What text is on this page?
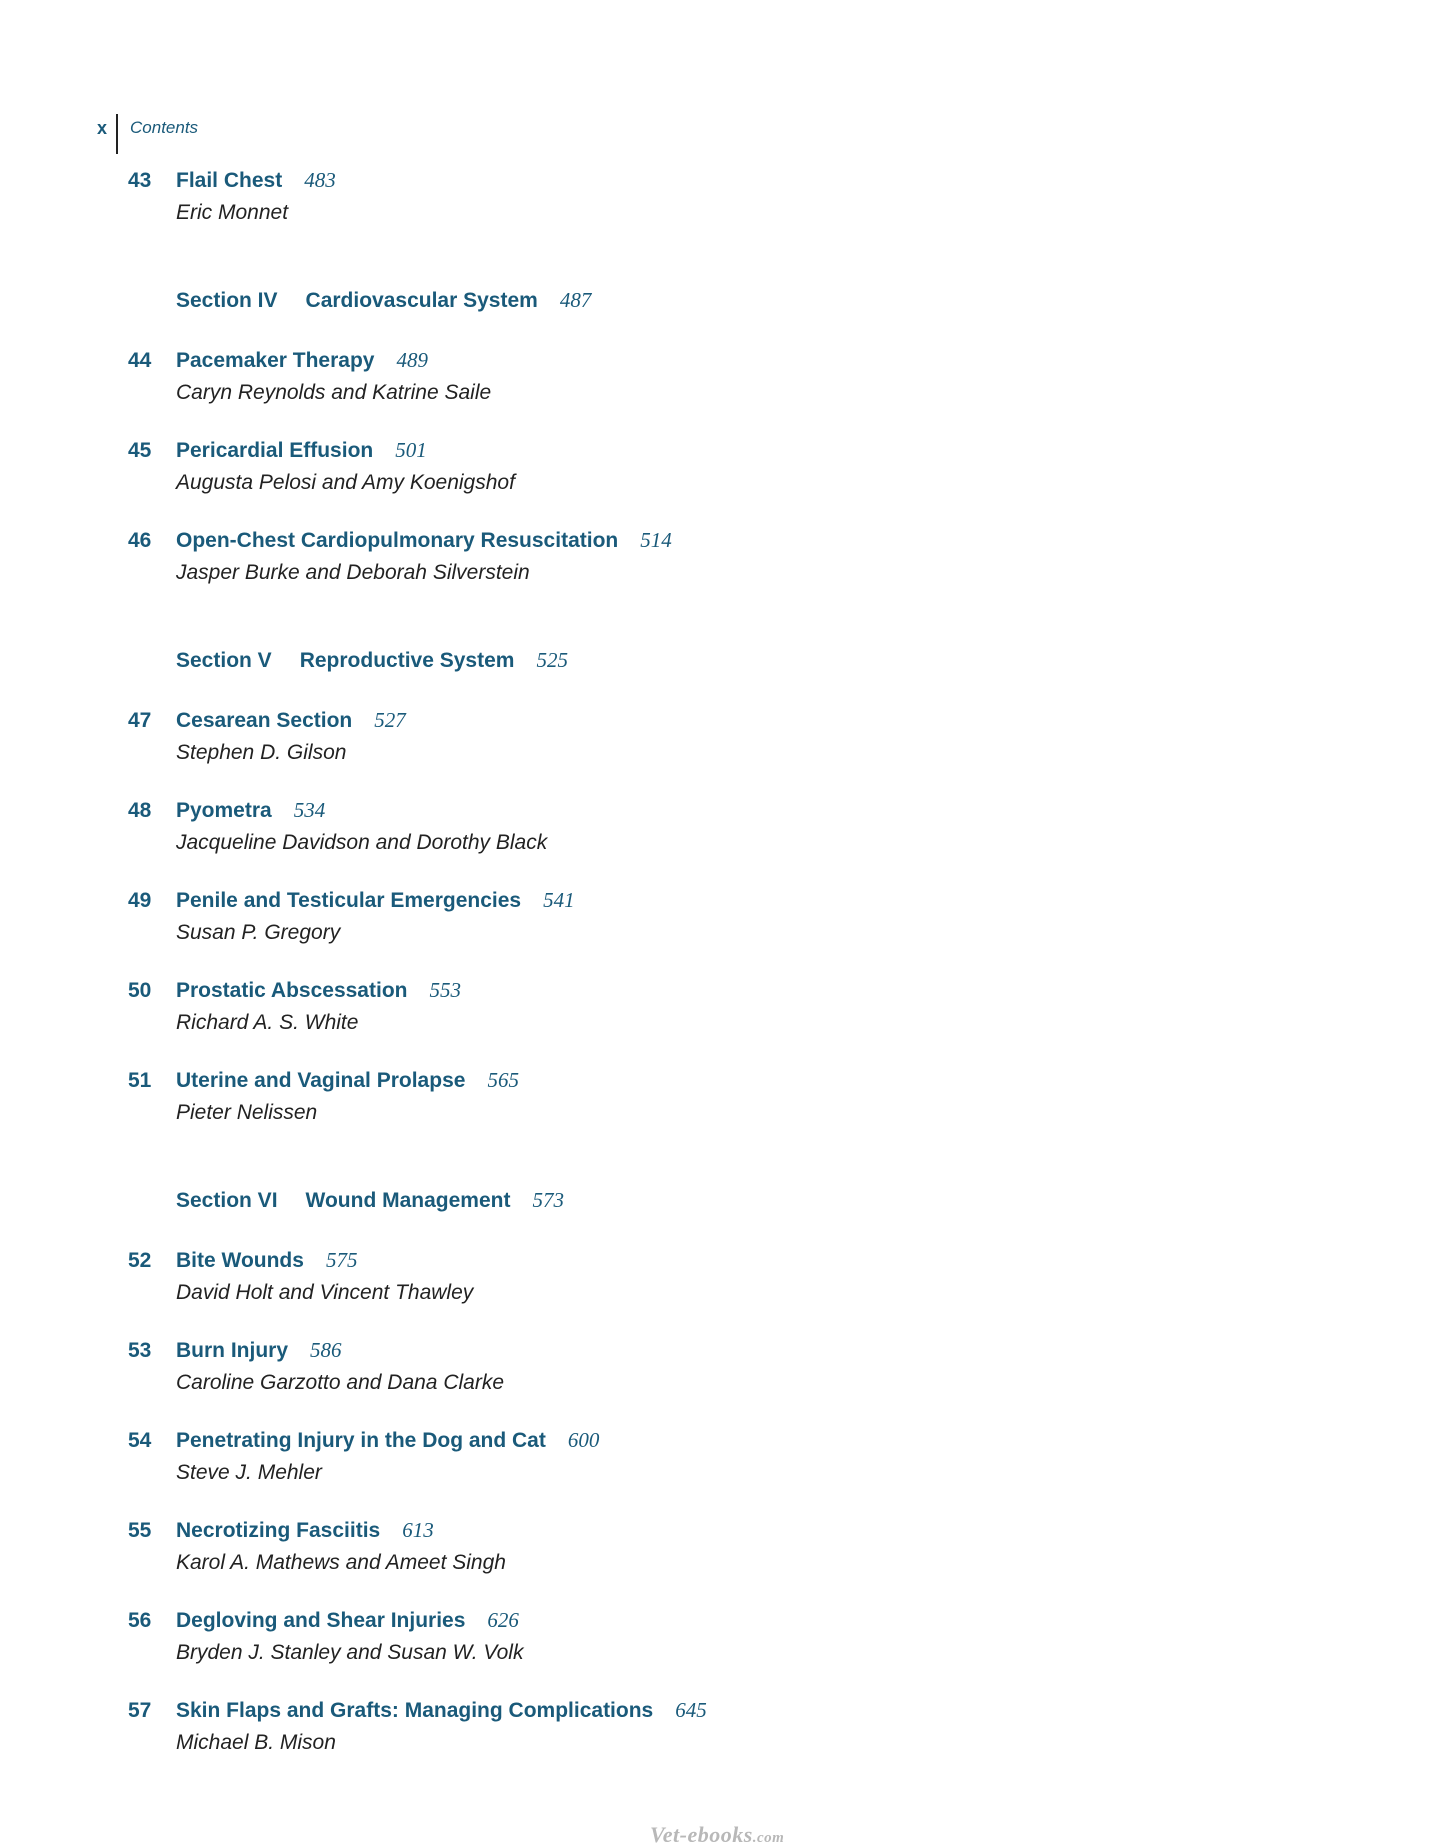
x Contents
43	Flail Chest 483
Eric Monnet
Section IV Cardiovascular System 487
44	Pacemaker Therapy 489
Caryn Reynolds and Katrine Saile
45	Pericardial Effusion 501
Augusta Pelosi and Amy Koenigshof
46	Open-Chest Cardiopulmonary Resuscitation 514
Jasper Burke and Deborah Silverstein
Section V Reproductive System 525
47	Cesarean Section 527
Stephen D. Gilson
48	Pyometra 534
Jacqueline Davidson and Dorothy Black
49	Penile and Testicular Emergencies 541
Susan P. Gregory
50	Prostatic Abscessation 553
Richard A. S. White
51	Uterine and Vaginal Prolapse 565
Pieter Nelissen
Section VI Wound Management 573
52	Bite Wounds 575
David Holt and Vincent Thawley
53	Burn Injury 586
Caroline Garzotto and Dana Clarke
54	Penetrating Injury in the Dog and Cat 600
Steve J. Mehler
55	Necrotizing Fasciitis 613
Karol A. Mathews and Ameet Singh
56	Degloving and Shear Injuries 626
Bryden J. Stanley and Susan W. Volk
57	Skin Flaps and Grafts: Managing Complications 645
Michael B. Mison
Vet-ebooks.com
